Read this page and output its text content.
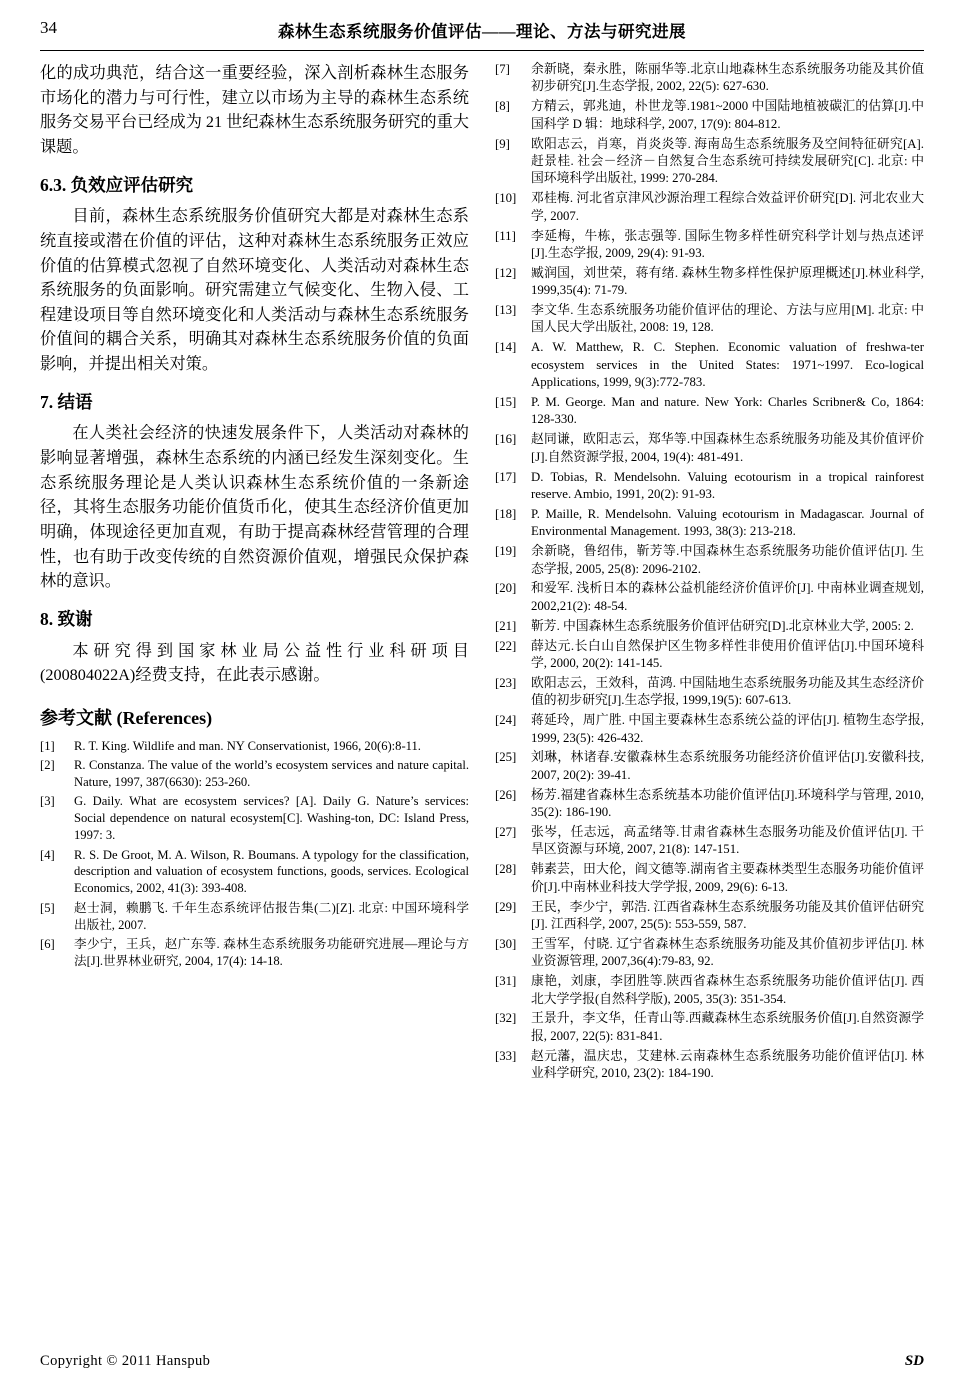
34	森林生态系统服务价值评估——理论、方法与研究进展

化的成功典范，结合这一重要经验，深入剖析森林生态服务市场化的潜力与可行性，建立以市场为主导的森林生态系统服务交易平台已经成为 21 世纪森林生态系统服务研究的重大课题。

6.3. 负效应评估研究

目前，森林生态系统服务价值研究大都是对森林生态系统直接或潜在价值的评估，这种对森林生态系统服务正效应价值的估算模式忽视了自然环境变化、人类活动对森林生态系统服务的负面影响。研究需建立气候变化、生物入侵、工程建设项目等自然环境变化和人类活动与森林生态系统服务价值间的耦合关系，明确其对森林生态系统服务价值的负面影响，并提出相关对策。

7. 结语

在人类社会经济的快速发展条件下，人类活动对森林的影响显著增强，森林生态系统的内涵已经发生深刻变化。生态系统服务理论是人类认识森林生态系统价值的一条新途径，其将生态服务功能价值货币化，使其生态经济价值更加明确，体现途径更加直观，有助于提高森林经营管理的合理性，也有助于改变传统的自然资源价值观，增强民众保护森林的意识。

8. 致谢

本研究得到国家林业局公益性行业科研项目(200804022A)经费支持，在此表示感谢。

参考文献 (References)
[1]	R. T. King. Wildlife and man. NY Conservationist, 1966, 20(6):8-11.
[2]	R. Constanza. The value of the world’s ecosystem services and nature capital. Nature, 1997, 387(6630): 253-260.
[3]	G. Daily. What are ecosystem services? [A]. Daily G. Nature’s services: Social dependence on natural ecosystem[C]. Washing-ton, DC: Island Press, 1997: 3.
[4]	R. S. De Groot, M. A. Wilson, R. Boumans. A typology for the classification, description and valuation of ecosystem functions, goods, services. Ecological Economics, 2002, 41(3): 393-408.
[5]	赵士洞，赖鹏飞. 千年生态系统评估报告集(二)[Z]. 北京: 中国环境科学出版社, 2007.
[6]	李少宁，王兵，赵广东等. 森林生态系统服务功能研究进展—理论与方法[J].世界林业研究, 2004, 17(4): 14-18.
[7]	余新晓，秦永胜，陈丽华等.北京山地森林生态系统服务功能及其价值初步研究[J].生态学报, 2002, 22(5): 627-630.
[8]	方精云，郭兆迪，朴世龙等.1981~2000 中国陆地植被碳汇的估算[J].中国科学 D 辑：地球科学, 2007, 17(9): 804-812.
[9]	欧阳志云，肖寒，肖炎炎等. 海南岛生态系统服务及空间特征研究[A]. 赶景桂. 社会－经济－自然复合生态系统可持续发展研究[C]. 北京: 中国环境科学出版社, 1999: 270-284.
[10]	邓桂梅. 河北省京津风沙源治理工程综合效益评价研究[D]. 河北农业大学, 2007.
[11]	李延梅，牛栋，张志强等. 国际生物多样性研究科学计划与热点述评[J].生态学报, 2009, 29(4): 91-93.
[12]	臧润国，刘世荣，蒋有绪. 森林生物多样性保护原理概述[J].林业科学, 1999,35(4): 71-79.
[13]	李文华. 生态系统服务功能价值评估的理论、方法与应用[M]. 北京: 中国人民大学出版社, 2008: 19, 128.
[14]	A. W. Matthew, R. C. Stephen. Economic valuation of freshwa-ter ecosystem services in the United States: 1971~1997. Eco-logical Applications, 1999, 9(3):772-783.
[15]	P. M. George. Man and nature. New York: Charles Scribner& Co, 1864: 128-330.
[16]	赵同谦，欧阳志云，郑华等.中国森林生态系统服务功能及其价值评价[J].自然资源学报, 2004, 19(4): 481-491.
[17]	D. Tobias, R. Mendelsohn. Valuing ecotourism in a tropical rainforest reserve. Ambio, 1991, 20(2): 91-93.
[18]	P. Maille, R. Mendelsohn. Valuing ecotourism in Madagascar. Journal of Environmental Management. 1993, 38(3): 213-218.
[19]	余新晓，鲁绍伟，靳芳等.中国森林生态系统服务功能价值评估[J]. 生态学报, 2005, 25(8): 2096-2102.
[20]	和爱军. 浅析日本的森林公益机能经济价值评价[J]. 中南林业调查规划, 2002,21(2): 48-54.
[21]	靳芳. 中国森林生态系统服务价值评估研究[D].北京林业大学, 2005: 2.
[22]	薛达元.长白山自然保护区生物多样性非使用价值评估[J].中国环境科学, 2000, 20(2): 141-145.
[23]	欧阳志云，王效科，苗鸿. 中国陆地生态系统服务功能及其生态经济价值的初步研究[J].生态学报, 1999,19(5): 607-613.
[24]	蒋延玲，周广胜. 中国主要森林生态系统公益的评估[J]. 植物生态学报, 1999, 23(5): 426-432.
[25]	刘琳，林诸春.安徽森林生态系统服务功能经济价值评估[J].安徽科技, 2007, 20(2): 39-41.
[26]	杨芳.福建省森林生态系统基本功能价值评估[J].环境科学与管理, 2010, 35(2): 186-190.
[27]	张岑，任志远，高孟绪等.甘肃省森林生态服务功能及价值评估[J]. 干旱区资源与环境, 2007, 21(8): 147-151.
[28]	韩素芸，田大伦，阎文德等.湖南省主要森林类型生态服务功能价值评价[J].中南林业科技大学学报, 2009, 29(6): 6-13.
[29]	王民，李少宁，郭浩. 江西省森林生态系统服务功能及其价值评估研究[J]. 江西科学, 2007, 25(5): 553-559, 587.
[30]	王雪军，付晓. 辽宁省森林生态系统服务功能及其价值初步评估[J]. 林业资源管理, 2007,36(4):79-83, 92.
[31]	康艳，刘康，李团胜等.陕西省森林生态系统服务功能价值评估[J]. 西北大学学报(自然科学版), 2005, 35(3): 351-354.
[32]	王景升，李文华，任青山等.西藏森林生态系统服务价值[J].自然资源学报, 2007, 22(5): 831-841.
[33]	赵元藩，温庆忠，艾建林.云南森林生态系统服务功能价值评估[J]. 林业科学研究, 2010, 23(2): 184-190.
Copyright © 2011 Hanspub	SD
